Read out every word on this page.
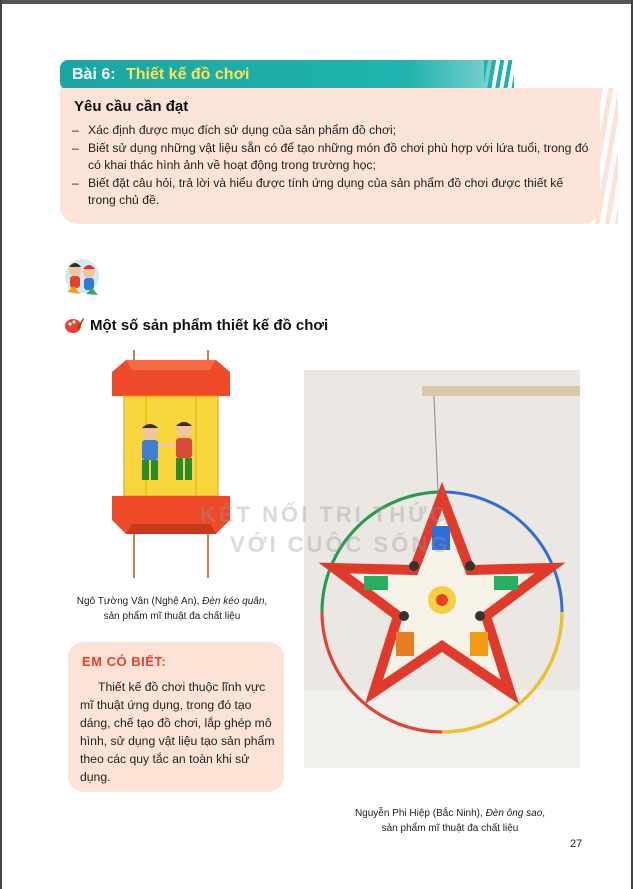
Bài 6: Thiết kế đồ chơi
Yêu cầu cần đạt
– Xác định được mục đích sử dụng của sản phẩm đồ chơi;
– Biết sử dụng những vật liệu sẵn có để tạo những món đồ chơi phù hợp với lứa tuổi, trong đó có khai thác hình ảnh về hoạt động trong trường học;
– Biết đặt câu hỏi, trả lời và hiểu được tính ứng dụng của sản phẩm đồ chơi được thiết kế trong chủ đề.
Một số sản phẩm thiết kế đồ chơi
Ngô Tường Vân (Nghệ An), Đèn kéo quân,
sản phẩm mĩ thuật đa chất liệu
Nguyễn Phi Hiệp (Bắc Ninh), Đèn ông sao,
sản phẩm mĩ thuật đa chất liệu
EM CÓ BIẾT:
Thiết kế đồ chơi thuộc lĩnh vực mĩ thuật ứng dụng, trong đó tạo dáng, chế tạo đồ chơi, lắp ghép mô hình, sử dụng vật liệu tạo sản phẩm theo các quy tắc an toàn khi sử dụng.
KẾT NỐI TRI THỨC
VỚI CUỘC SỐNG
27
